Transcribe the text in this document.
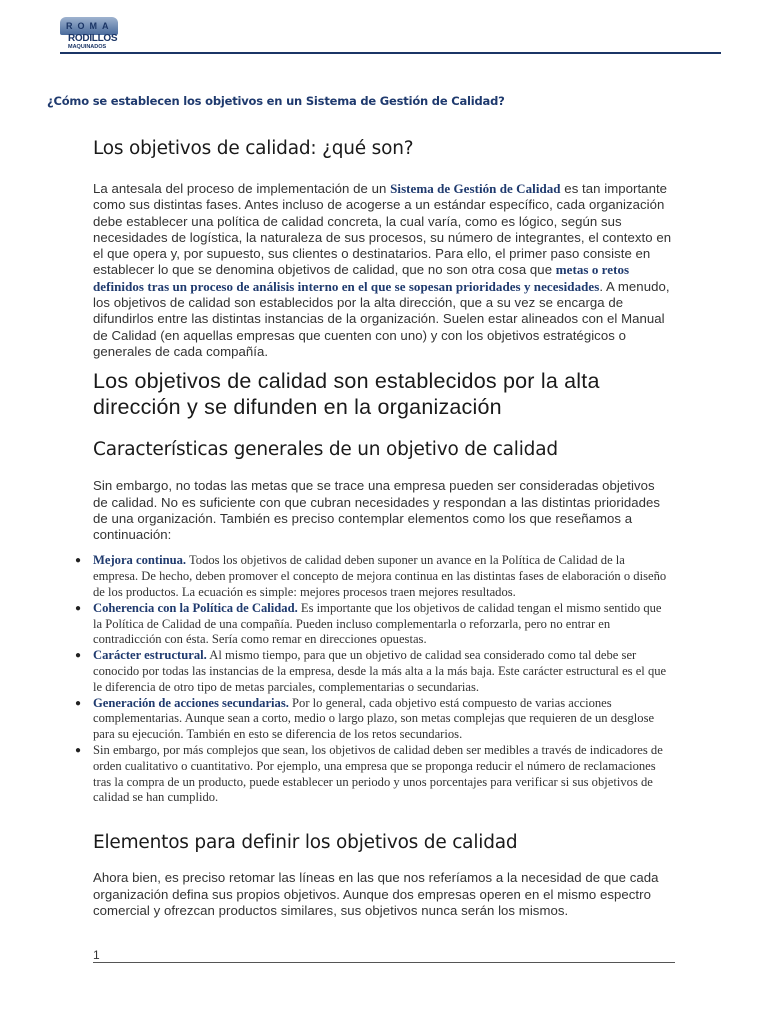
ROMA
RODILLOS
MAQUINADOS
¿Cómo se establecen los objetivos en un Sistema de Gestión de Calidad?
Los objetivos de calidad: ¿qué son?

La antesala del proceso de implementación de un Sistema de Gestión de Calidad es tan importante como sus distintas fases. Antes incluso de acogerse a un estándar específico, cada organización debe establecer una política de calidad concreta, la cual varía, como es lógico, según sus necesidades de logística, la naturaleza de sus procesos, su número de integrantes, el contexto en el que opera y, por supuesto, sus clientes o destinatarios. Para ello, el primer paso consiste en establecer lo que se denomina objetivos de calidad, que no son otra cosa que metas o retos definidos tras un proceso de análisis interno en el que se sopesan prioridades y necesidades. A menudo, los objetivos de calidad son establecidos por la alta dirección, que a su vez se encarga de difundirlos entre las distintas instancias de la organización. Suelen estar alineados con el Manual de Calidad (en aquellas empresas que cuenten con uno) y con los objetivos estratégicos o generales de cada compañía.

Los objetivos de calidad son establecidos por la alta dirección y se difunden en la organización
Características generales de un objetivo de calidad

Sin embargo, no todas las metas que se trace una empresa pueden ser consideradas objetivos de calidad. No es suficiente con que cubran necesidades y respondan a las distintas prioridades de una organización. También es preciso contemplar elementos como los que reseñamos a continuación:

● Mejora continua. Todos los objetivos de calidad deben suponer un avance en la Política de Calidad de la empresa. De hecho, deben promover el concepto de mejora continua en las distintas fases de elaboración o diseño de los productos. La ecuación es simple: mejores procesos traen mejores resultados.
● Coherencia con la Política de Calidad. Es importante que los objetivos de calidad tengan el mismo sentido que la Política de Calidad de una compañía. Pueden incluso complementarla o reforzarla, pero no entrar en contradicción con ésta. Sería como remar en direcciones opuestas.
● Carácter estructural. Al mismo tiempo, para que un objetivo de calidad sea considerado como tal debe ser conocido por todas las instancias de la empresa, desde la más alta a la más baja. Este carácter estructural es el que le diferencia de otro tipo de metas parciales, complementarias o secundarias.
● Generación de acciones secundarias. Por lo general, cada objetivo está compuesto de varias acciones complementarias. Aunque sean a corto, medio o largo plazo, son metas complejas que requieren de un desglose para su ejecución. También en esto se diferencia de los retos secundarios.
● Sin embargo, por más complejos que sean, los objetivos de calidad deben ser medibles a través de indicadores de orden cualitativo o cuantitativo. Por ejemplo, una empresa que se proponga reducir el número de reclamaciones tras la compra de un producto, puede establecer un periodo y unos porcentajes para verificar si sus objetivos de calidad se han cumplido.
Elementos para definir los objetivos de calidad

Ahora bien, es preciso retomar las líneas en las que nos referíamos a la necesidad de que cada organización defina sus propios objetivos. Aunque dos empresas operen en el mismo espectro comercial y ofrezcan productos similares, sus objetivos nunca serán los mismos.

1
